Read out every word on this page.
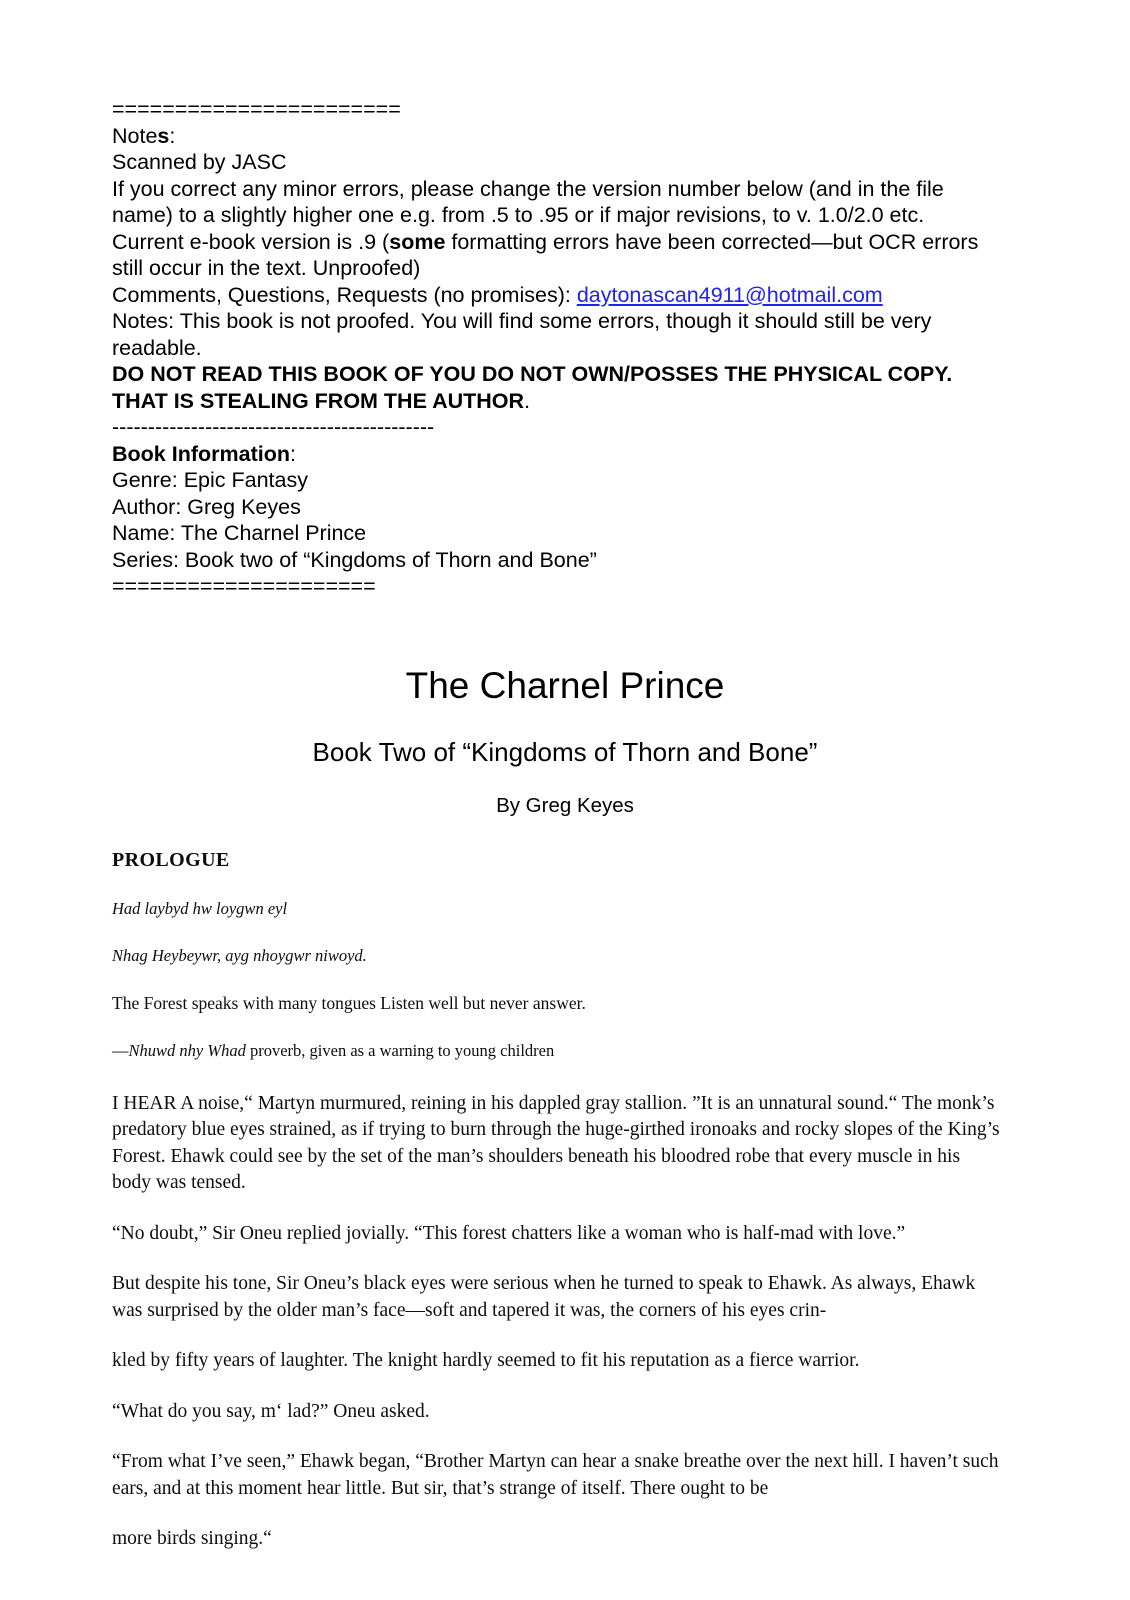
=======================
Notes:
Scanned by JASC
If you correct any minor errors, please change the version number below (and in the file name) to a slightly higher one e.g. from .5 to .95 or if major revisions, to v. 1.0/2.0 etc.
Current e-book version is .9 (some formatting errors have been corrected—but OCR errors still occur in the text. Unproofed)
Comments, Questions, Requests (no promises): daytonascan4911@hotmail.com
Notes: This book is not proofed. You will find some errors, though it should still be very readable.
DO NOT READ THIS BOOK OF YOU DO NOT OWN/POSSES THE PHYSICAL COPY. THAT IS STEALING FROM THE AUTHOR.
---------------------------------------------
Book Information:
Genre: Epic Fantasy
Author: Greg Keyes
Name: The Charnel Prince
Series: Book two of “Kingdoms of Thorn and Bone”
=====================
The Charnel Prince
Book Two of “Kingdoms of Thorn and Bone”
By Greg Keyes
PROLOGUE
Had laybyd hw loygwn eyl
Nhag Heybeywr, ayg nhoygwr niwoyd.
The Forest speaks with many tongues Listen well but never answer.
—Nhuwd nhy Whad proverb, given as a warning to young children

I HEAR A noise,“ Martyn murmured, reining in his dappled gray stallion. ”It is an unnatural sound.“ The monk’s predatory blue eyes strained, as if trying to burn through the huge-girthed ironoaks and rocky slopes of the King’s Forest. Ehawk could see by the set of the man’s shoulders beneath his bloodred robe that every muscle in his body was tensed.

“No doubt,” Sir Oneu replied jovially. “This forest chatters like a woman who is half-mad with love.”

But despite his tone, Sir Oneu’s black eyes were serious when he turned to speak to Ehawk. As always, Ehawk was surprised by the older man’s face—soft and tapered it was, the corners of his eyes crin-

kled by fifty years of laughter. The knight hardly seemed to fit his reputation as a fierce warrior.

“What do you say, m‘ lad?” Oneu asked.

“From what I’ve seen,” Ehawk began, “Brother Martyn can hear a snake breathe over the next hill. I haven’t such ears, and at this moment hear little. But sir, that’s strange of itself. There ought to be

more birds singing.“
